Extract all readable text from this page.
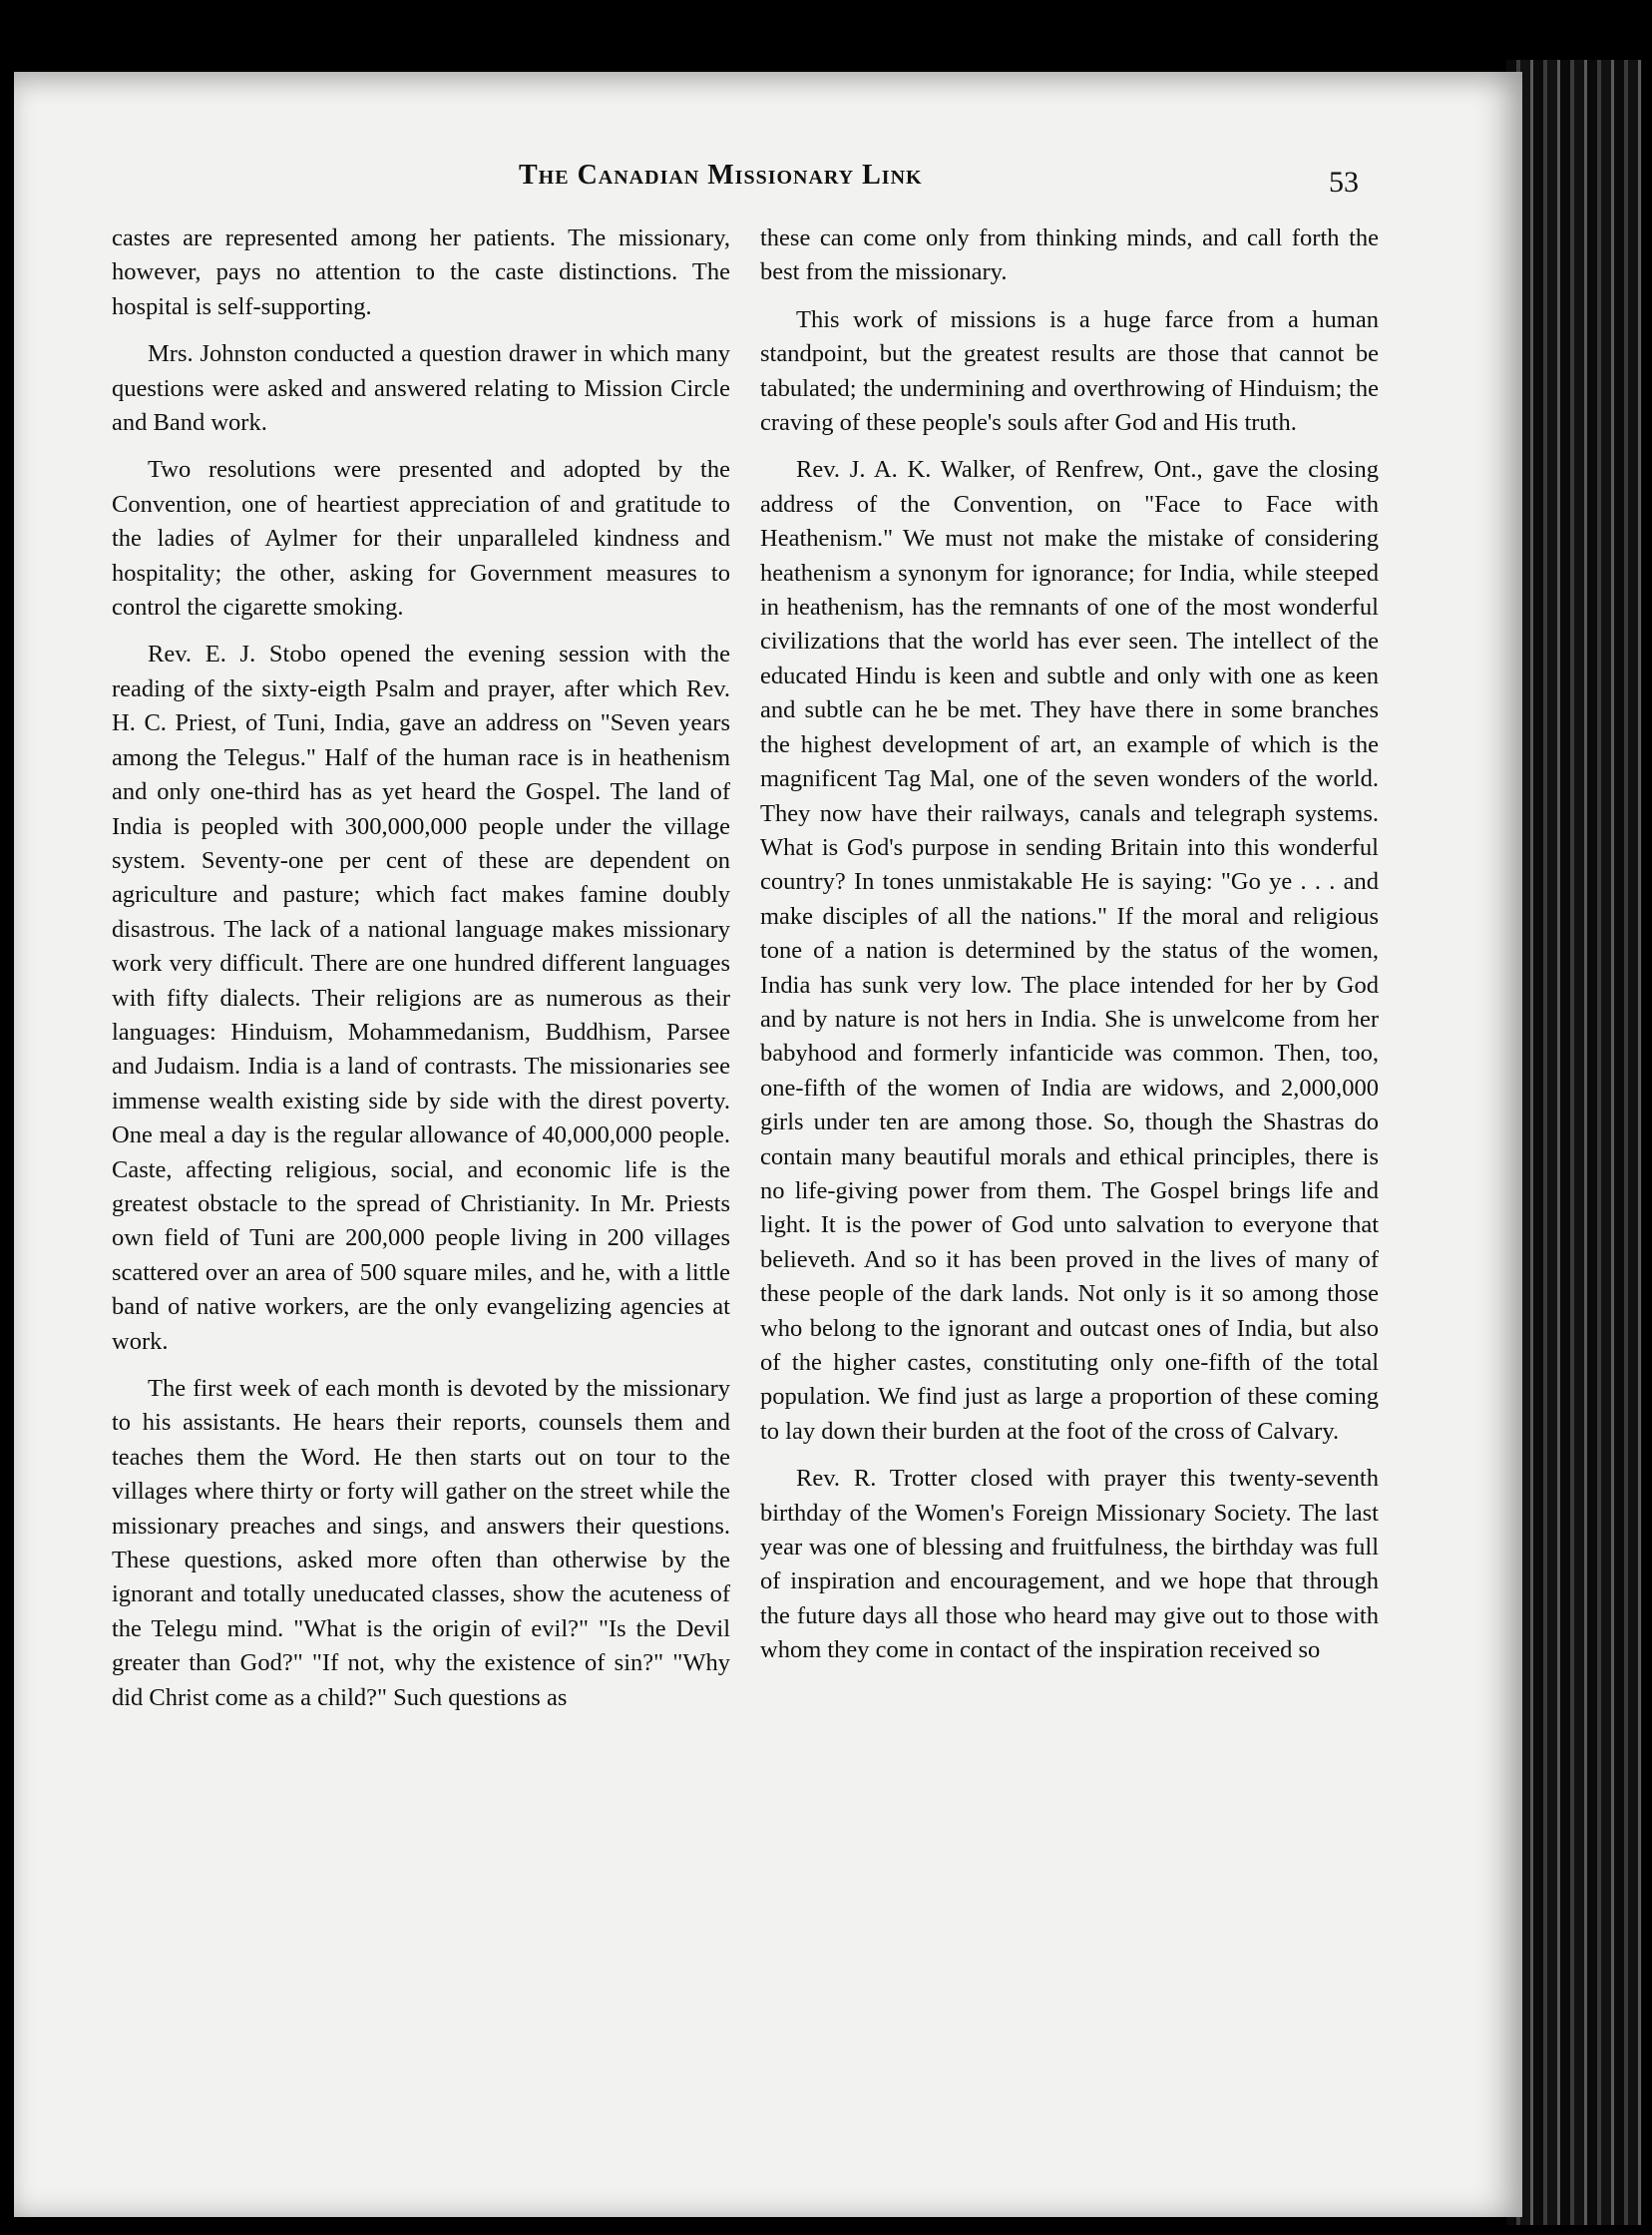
The Canadian Missionary Link	53

castes are represented among her patients. The missionary, however, pays no attention to the caste distinctions. The hospital is self-supporting.

Mrs. Johnston conducted a question drawer in which many questions were asked and answered relating to Mission Circle and Band work.

Two resolutions were presented and adopted by the Convention, one of heartiest appreciation of and gratitude to the ladies of Aylmer for their unparalleled kindness and hospitality; the other, asking for Government measures to control the cigarette smoking.

Rev. E. J. Stobo opened the evening session with the reading of the sixty-eigth Psalm and prayer, after which Rev. H. C. Priest, of Tuni, India, gave an address on "Seven years among the Telegus." Half of the human race is in heathenism and only one-third has as yet heard the Gospel. The land of India is peopled with 300,000,000 people under the village system. Seventy-one per cent of these are dependent on agriculture and pasture; which fact makes famine doubly disastrous. The lack of a national language makes missionary work very difficult. There are one hundred different languages with fifty dialects. Their religions are as numerous as their languages: Hinduism, Mohammedanism, Buddhism, Parsee and Judaism. India is a land of contrasts. The missionaries see immense wealth existing side by side with the direst poverty. One meal a day is the regular allowance of 40,000,000 people. Caste, affecting religious, social, and economic life is the greatest obstacle to the spread of Christianity. In Mr. Priests own field of Tuni are 200,000 people living in 200 villages scattered over an area of 500 square miles, and he, with a little band of native workers, are the only evangelizing agencies at work.

The first week of each month is devoted by the missionary to his assistants. He hears their reports, counsels them and teaches them the Word. He then starts out on tour to the villages where thirty or forty will gather on the street while the missionary preaches and sings, and answers their questions. These questions, asked more often than otherwise by the ignorant and totally uneducated classes, show the acuteness of the Telegu mind. "What is the origin of evil?" "Is the Devil greater than God?" "If not, why the existence of sin?" "Why did Christ come as a child?" Such questions as

these can come only from thinking minds, and call forth the best from the missionary.

This work of missions is a huge farce from a human standpoint, but the greatest results are those that cannot be tabulated; the undermining and overthrowing of Hinduism; the craving of these people's souls after God and His truth.

Rev. J. A. K. Walker, of Renfrew, Ont., gave the closing address of the Convention, on "Face to Face with Heathenism." We must not make the mistake of considering heathenism a synonym for ignorance; for India, while steeped in heathenism, has the remnants of one of the most wonderful civilizations that the world has ever seen. The intellect of the educated Hindu is keen and subtle and only with one as keen and subtle can he be met. They have there in some branches the highest development of art, an example of which is the magnificent Tag Mal, one of the seven wonders of the world. They now have their railways, canals and telegraph systems. What is God's purpose in sending Britain into this wonderful country? In tones unmistakable He is saying: "Go ye . . . and make disciples of all the nations." If the moral and religious tone of a nation is determined by the status of the women, India has sunk very low. The place intended for her by God and by nature is not hers in India. She is unwelcome from her babyhood and formerly infanticide was common. Then, too, one-fifth of the women of India are widows, and 2,000,000 girls under ten are among those. So, though the Shastras do contain many beautiful morals and ethical principles, there is no life-giving power from them. The Gospel brings life and light. It is the power of God unto salvation to everyone that believeth. And so it has been proved in the lives of many of these people of the dark lands. Not only is it so among those who belong to the ignorant and outcast ones of India, but also of the higher castes, constituting only one-fifth of the total population. We find just as large a proportion of these coming to lay down their burden at the foot of the cross of Calvary.

Rev. R. Trotter closed with prayer this twenty-seventh birthday of the Women's Foreign Missionary Society. The last year was one of blessing and fruitfulness, the birthday was full of inspiration and encouragement, and we hope that through the future days all those who heard may give out to those with whom they come in contact of the inspiration received so
